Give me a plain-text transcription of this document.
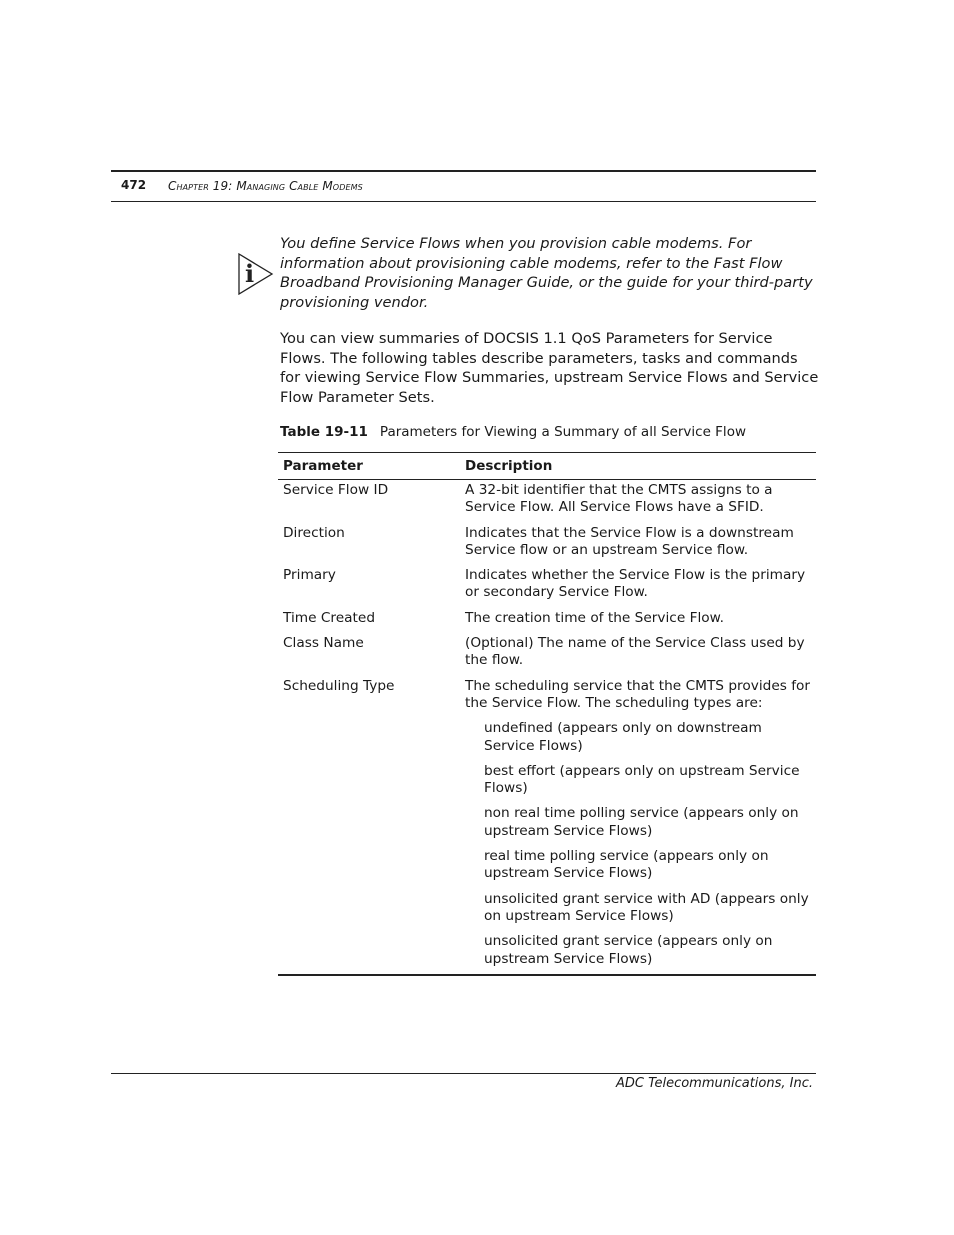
472 Chapter 19: Managing Cable Modems
i
You define Service Flows when you provision cable modems. For information about provisioning cable modems, refer to the Fast Flow Broadband Provisioning Manager Guide, or the guide for your third-party provisioning vendor.
You can view summaries of DOCSIS 1.1 QoS Parameters for Service Flows. The following tables describe parameters, tasks and commands for viewing Service Flow Summaries, upstream Service Flows and Service Flow Parameter Sets.
Table 19-11 Parameters for Viewing a Summary of all Service Flow
Parameter	Description
Service Flow ID	A 32-bit identifier that the CMTS assigns to a Service Flow. All Service Flows have a SFID.
Direction	Indicates that the Service Flow is a downstream Service flow or an upstream Service flow.
Primary	Indicates whether the Service Flow is the primary or secondary Service Flow.
Time Created	The creation time of the Service Flow.
Class Name	(Optional) The name of the Service Class used by the flow.
Scheduling Type	The scheduling service that the CMTS provides for the Service Flow. The scheduling types are:
undefined (appears only on downstream Service Flows)
best effort (appears only on upstream Service Flows)
non real time polling service (appears only on upstream Service Flows)
real time polling service (appears only on upstream Service Flows)
unsolicited grant service with AD (appears only on upstream Service Flows)
unsolicited grant service (appears only on upstream Service Flows)
ADC Telecommunications, Inc.
